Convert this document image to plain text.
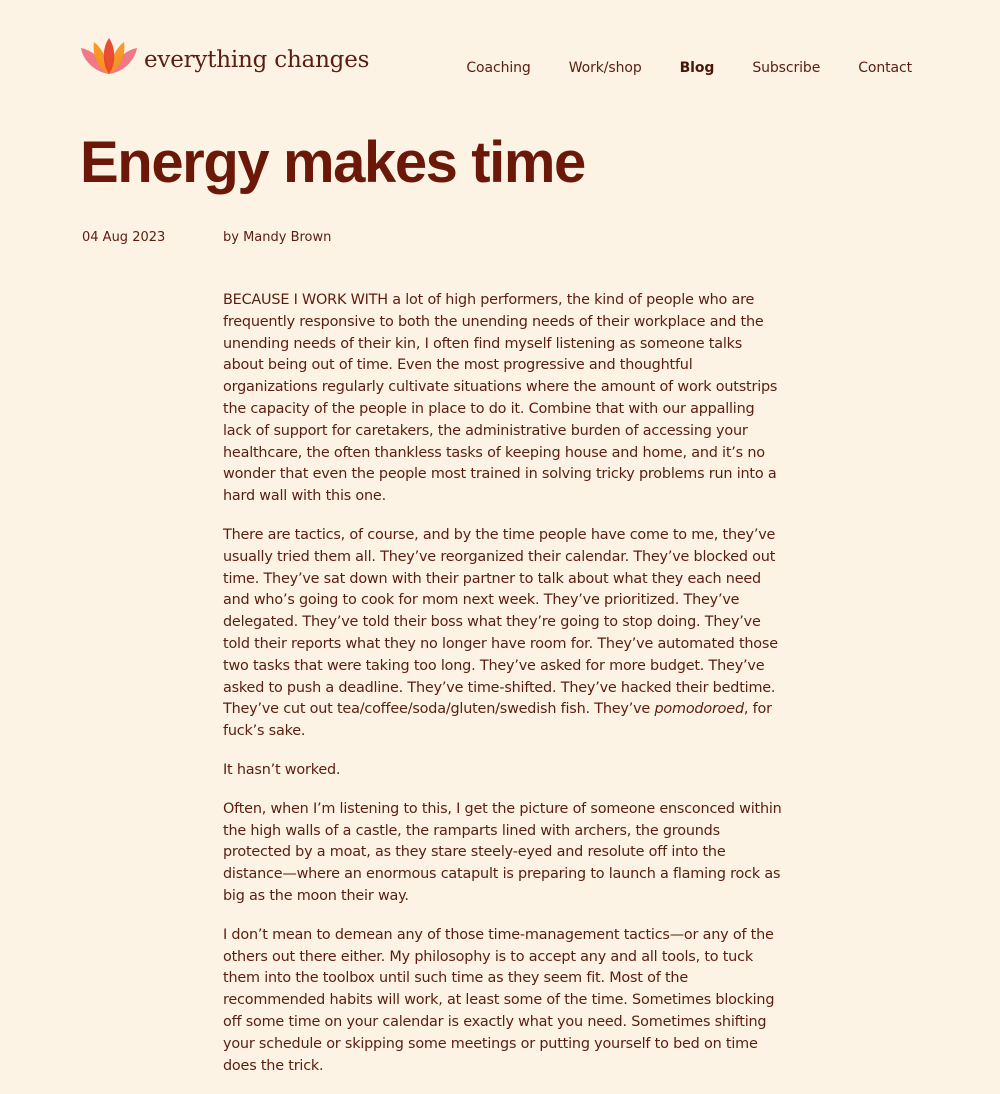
everything changes	Coaching	Work/shop	Blog	Subscribe	Contact
Energy makes time
04 Aug 2023	by Mandy Brown

BECAUSE I WORK WITH a lot of high performers, the kind of people who are frequently responsive to both the unending needs of their workplace and the unending needs of their kin, I often find myself listening as someone talks about being out of time. Even the most progressive and thoughtful organizations regularly cultivate situations where the amount of work outstrips the capacity of the people in place to do it. Combine that with our appalling lack of support for caretakers, the administrative burden of accessing your healthcare, the often thankless tasks of keeping house and home, and it’s no wonder that even the people most trained in solving tricky problems run into a hard wall with this one.

There are tactics, of course, and by the time people have come to me, they’ve usually tried them all. They’ve reorganized their calendar. They’ve blocked out time. They’ve sat down with their partner to talk about what they each need and who’s going to cook for mom next week. They’ve prioritized. They’ve delegated. They’ve told their boss what they’re going to stop doing. They’ve told their reports what they no longer have room for. They’ve automated those two tasks that were taking too long. They’ve asked for more budget. They’ve asked to push a deadline. They’ve time-shifted. They’ve hacked their bedtime. They’ve cut out tea/coffee/soda/gluten/swedish fish. They’ve pomodoroed, for fuck’s sake.

It hasn’t worked.

Often, when I’m listening to this, I get the picture of someone ensconced within the high walls of a castle, the ramparts lined with archers, the grounds protected by a moat, as they stare steely-eyed and resolute off into the distance—where an enormous catapult is preparing to launch a flaming rock as big as the moon their way.

I don’t mean to demean any of those time-management tactics—or any of the others out there either. My philosophy is to accept any and all tools, to tuck them into the toolbox until such time as they seem fit. Most of the recommended habits will work, at least some of the time. Sometimes blocking off some time on your calendar is exactly what you need. Sometimes shifting your schedule or skipping some meetings or putting yourself to bed on time does the trick.
